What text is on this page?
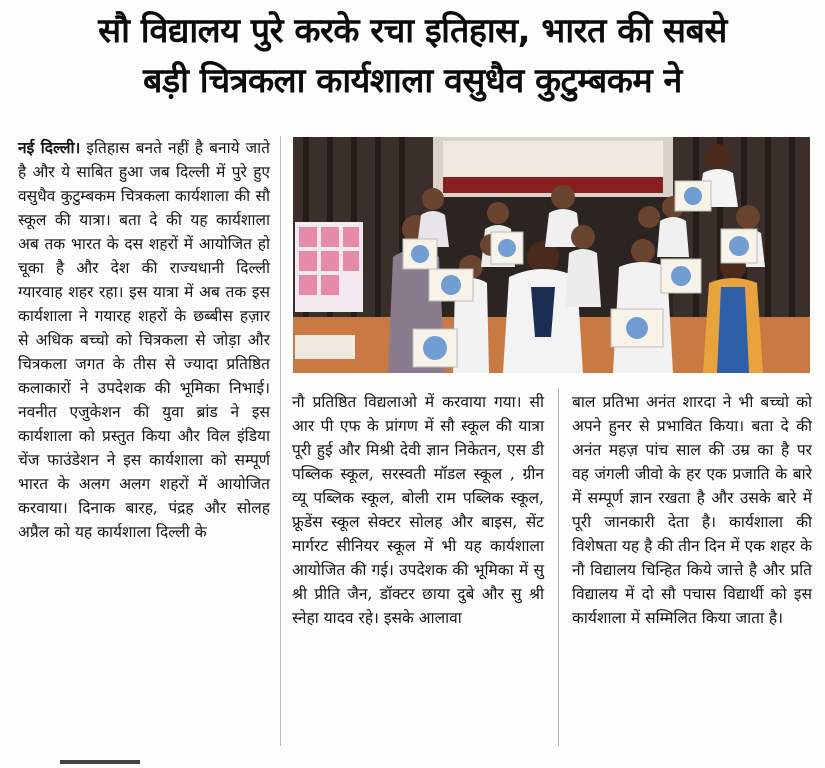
सौ विद्यालय पुरे करके रचा इतिहास, भारत की सबसे
बड़ी चित्रकला कार्यशाला वसुधैव कुटुम्बकम ने

नई दिल्ली। इतिहास बनते नहीं है बनाये जाते है और ये साबित हुआ जब दिल्ली में पुरे हुए वसुधैव कुटुम्बकम चित्रकला कार्यशाला की सौ स्कूल की यात्रा। बता दे की यह कार्यशाला अब तक भारत के दस शहरों में आयोजित हो चूका है और देश की राज्यधानी दिल्ली ग्यारवाह शहर रहा। इस यात्रा में अब तक इस कार्यशाला ने गयारह शहरों के छब्बीस हज़ार से अधिक बच्चो को चित्रकला से जोड़ा और चित्रकला जगत के तीस से ज्यादा प्रतिष्ठित कलाकारों ने उपदेशक की भूमिका निभाई। नवनीत एजुकेशन की युवा ब्रांड ने इस कार्यशाला को प्रस्तुत किया और विल इंडिया चेंज फाउंडेशन ने इस कार्यशाला को सम्पूर्ण भारत के अलग अलग शहरों में आयोजित करवाया। दिनाक बारह, पंद्रह और सोलह अप्रैल को यह कार्यशाला दिल्ली के

नौ प्रतिष्ठित विद्यलाओ में करवाया गया। सी आर पी एफ के प्रांगण में सौ स्कूल की यात्रा पूरी हुई और मिश्री देवी ज्ञान निकेतन, एस डी पब्लिक स्कूल, सरस्वती मॉडल स्कूल , ग्रीन व्यू पब्लिक स्कूल, बोली राम पब्लिक स्कूल, फ्रूडेंस स्कूल सेक्टर सोलह और बाइस, सेंट मार्गरट सीनियर स्कूल में भी यह कार्यशाला आयोजित की गई। उपदेशक की भूमिका में सु श्री प्रीति जैन, डॉक्टर छाया दुबे और सु श्री स्नेहा यादव रहे। इसके आलावा

बाल प्रतिभा अनंत शारदा ने भी बच्चो को अपने हुनर से प्रभावित किया। बता दे की अनंत महज़ पांच साल की उम्र का है पर वह जंगली जीवो के हर एक प्रजाति के बारे में सम्पूर्ण ज्ञान रखता है और उसके बारे में पूरी जानकारी देता है। कार्यशाला की विशेषता यह है की तीन दिन में एक शहर के नौ विद्यालय चिन्हित किये जात्ते है और प्रति विद्यालय में दो सौ पचास विद्यार्थी को इस कार्यशाला में सम्मिलित किया जाता है।
